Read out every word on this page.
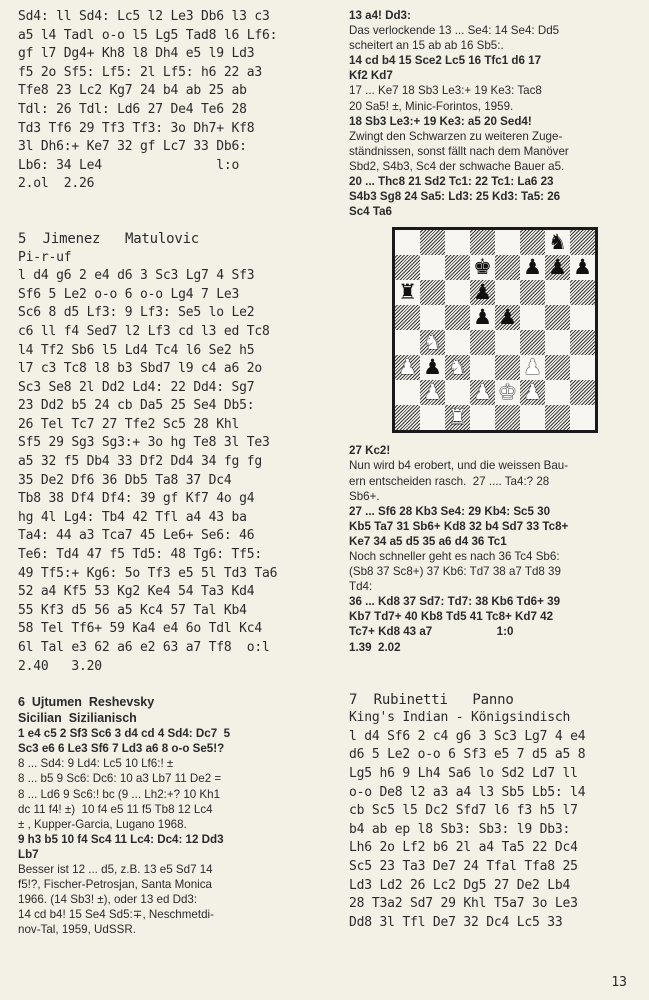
Sd4: ll Sd4: Lc5 l2 Le3 Db6 l3 c3
a5 l4 Tadl o-o l5 Lg5 Tad8 l6 Lf6:
gf l7 Dg4+ Kh8 l8 Dh4 e5 l9 Ld3
f5 2o Sf5: Lf5: 2l Lf5: h6 22 a3
Tfe8 23 Lc2 Kg7 24 b4 ab 25 ab
Tdl: 26 Tdl: Ld6 27 De4 Te6 28
Td3 Tf6 29 Tf3 Tf3: 3o Dh7+ Kf8
3l Dh6:+ Ke7 32 gf Lc7 33 Db6:
Lb6: 34 Le4               l:o
2.ol  2.26
5  Jimenez   Matulovic
Pi-r-uf
l d4 g6 2 e4 d6 3 Sc3 Lg7 4 Sf3
Sf6 5 Le2 o-o 6 o-o Lg4 7 Le3
Sc6 8 d5 Lf3: 9 Lf3: Se5 lo Le2
c6 ll f4 Sed7 l2 Lf3 cd l3 ed Tc8
l4 Tf2 Sb6 l5 Ld4 Tc4 l6 Se2 h5
l7 c3 Tc8 l8 b3 Sbd7 l9 c4 a6 2o
Sc3 Se8 2l Dd2 Ld4: 22 Dd4: Sg7
23 Dd2 b5 24 cb Da5 25 Se4 Db5:
26 Tel Tc7 27 Tfe2 Sc5 28 Khl
Sf5 29 Sg3 Sg3:+ 3o hg Te8 3l Te3
a5 32 f5 Db4 33 Df2 Dd4 34 fg fg
35 De2 Df6 36 Db5 Ta8 37 Dc4
Tb8 38 Df4 Df4: 39 gf Kf7 4o g4
hg 4l Lg4: Tb4 42 Tfl a4 43 ba
Ta4: 44 a3 Tca7 45 Le6+ Se6: 46
Te6: Td4 47 f5 Td5: 48 Tg6: Tf5:
49 Tf5:+ Kg6: 5o Tf3 e5 5l Td3 Ta6
52 a4 Kf5 53 Kg2 Ke4 54 Ta3 Kd4
55 Kf3 d5 56 a5 Kc4 57 Tal Kb4
58 Tel Tf6+ 59 Ka4 e4 6o Tdl Kc4
6l Tal e3 62 a6 e2 63 a7 Tf8  o:l
2.40   3.20
6  Ujtumen  Reshevsky
Sicilian  Sizilianisch
1 e4 c5 2 Sf3 Sc6 3 d4 cd 4 Sd4: Dc7  5
Sc3 e6 6 Le3 Sf6 7 Ld3 a6 8 o-o Se5!?
8 ... Sd4: 9 Ld4: Lc5 10 Lf6:! ±
8 ... b5 9 Sc6: Dc6: 10 a3 Lb7 11 De2 =
8 ... Ld6 9 Sc6:! bc (9 ... Lh2:+? 10 Kh1
dc 11 f4! ±)  10 f4 e5 11 f5 Tb8 12 Lc4
± , Kupper-Garcia, Lugano 1968.
9 h3 b5 10 f4 Sc4 11 Lc4: Dc4: 12 Dd3
Lb7
Besser ist 12 ... d5, z.B. 13 e5 Sd7 14
f5!?, Fischer-Petrosjan, Santa Monica
1966. (14 Sb3! ±), oder 13 ed Dd3:
14 cd b4! 15 Se4 Sd5:∓, Neschmetdi-
nov-Tal, 1959, UdSSR.
13 a4! Dd3:
Das verlockende 13 ... Se4: 14 Se4: Dd5
scheitert an 15 ab ab 16 Sb5:.
14 cd b4 15 Sce2 Lc5 16 Tfc1 d6 17
Kf2 Kd7
17 ... Ke7 18 Sb3 Le3:+ 19 Ke3: Tac8
20 Sa5! ±, Minic-Forintos, 1959.
18 Sb3 Le3:+ 19 Ke3: a5 20 Sed4!
Zwingt den Schwarzen zu weiteren Zuge-
ständnissen, sonst fällt nach dem Manöver
Sbd2, S4b3, Sc4 der schwache Bauer a5.
20 ... Thc8 21 Sd2 Tc1: 22 Tc1: La6 23
S4b3 Sg8 24 Sa5: Ld3: 25 Kd3: Ta5: 26
Sc4 Ta6
♞
♚ ♟ ♟ ♟
♜	♟
♟ ♟
♞
♟ ♟ ♞	♟
♟ ♟ ♚ ♟
♜
27 Kc2!
Nun wird b4 erobert, und die weissen Bau-
ern entscheiden rasch.  27 .... Ta4:? 28
Sb6+.
27 ... Sf6 28 Kb3 Se4: 29 Kb4: Sc5 30
Kb5 Ta7 31 Sb6+ Kd8 32 b4 Sd7 33 Tc8+
Ke7 34 a5 d5 35 a6 d4 36 Tc1
Noch schneller geht es nach 36 Tc4 Sb6:
(Sb8 37 Sc8+) 37 Kb6: Td7 38 a7 Td8 39
Td4:
36 ... Kd8 37 Sd7: Td7: 38 Kb6 Td6+ 39
Kb7 Td7+ 40 Kb8 Td5 41 Tc8+ Kd7 42
Tc7+ Kd8 43 a7                    1:0
1.39  2.02
7  Rubinetti   Panno
King's Indian - Königsindisch
l d4 Sf6 2 c4 g6 3 Sc3 Lg7 4 e4
d6 5 Le2 o-o 6 Sf3 e5 7 d5 a5 8
Lg5 h6 9 Lh4 Sa6 lo Sd2 Ld7 ll
o-o De8 l2 a3 a4 l3 Sb5 Lb5: l4
cb Sc5 l5 Dc2 Sfd7 l6 f3 h5 l7
b4 ab ep l8 Sb3: Sb3: l9 Db3:
Lh6 2o Lf2 b6 2l a4 Ta5 22 Dc4
Sc5 23 Ta3 De7 24 Tfal Tfa8 25
Ld3 Ld2 26 Lc2 Dg5 27 De2 Lb4
28 T3a2 Sd7 29 Khl T5a7 3o Le3
Dd8 3l Tfl De7 32 Dc4 Lc5 33
13
